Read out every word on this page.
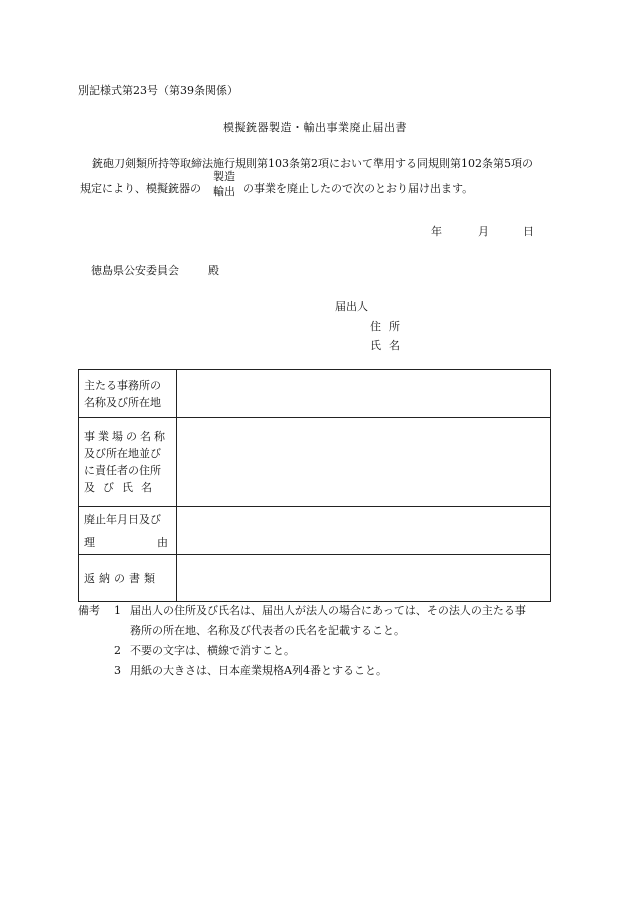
別記様式第23号（第39条関係）
模擬銃器製造・輸出事業廃止届出書
銃砲刀剣類所持等取締法施行規則第103条第2項において準用する同規則第102条第5項の
規定により、模擬銃器の
製造
輸出 の事業を廃止したので次のとおり届け出ます。
年	月	日
徳島県公安委員会	殿
届出人
住所
氏名
主たる事務所の
名称及び所在地	

事業場の名称
及び所在地並び
に責任者の住所
及び氏名	

廃止年月日及び
理 由	

返納の書類	

備考	1 届出人の住所及び氏名は、届出人が法人の場合にあっては、その法人の主たる事
務所の所在地、名称及び代表者の氏名を記載すること。
2 不要の文字は、横線で消すこと。
3 用紙の大きさは、日本産業規格A列4番とすること。
